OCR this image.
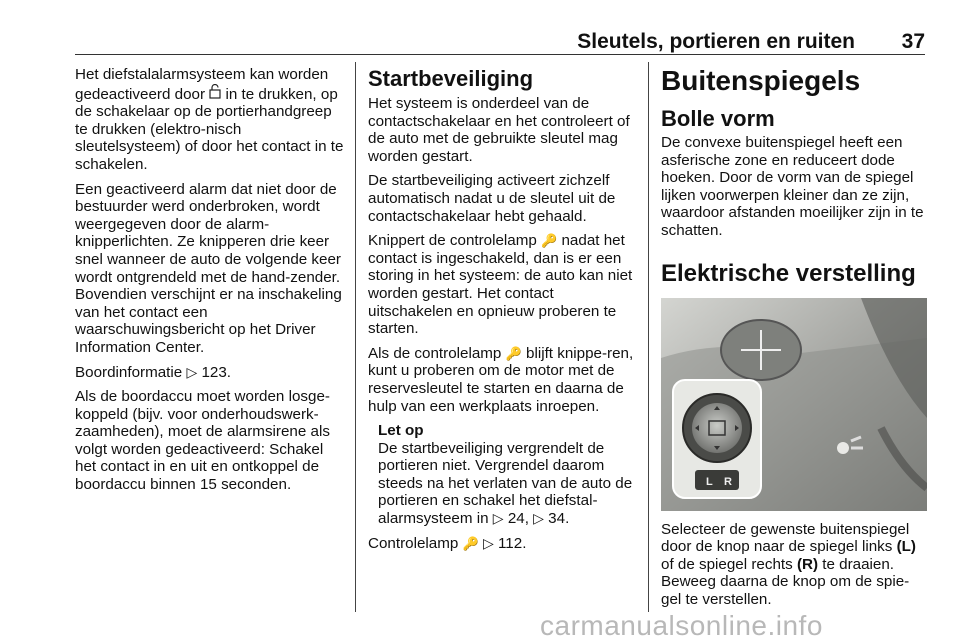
Sleutels, portieren en ruiten 37

Het diefstalalarmsysteem kan worden gedeactiveerd door  in te drukken, op de schakelaar op de portierhandgreep te drukken (elektro-nisch sleutelsysteem) of door het contact in te schakelen.

Een geactiveerd alarm dat niet door de bestuurder werd onderbroken, wordt weergegeven door de alarm-knipperlichten. Ze knipperen drie keer snel wanneer de auto de volgende keer wordt ontgrendeld met de hand-zender. Bovendien verschijnt er na inschakeling van het contact een waarschuwingsbericht op het Driver Information Center.

Boordinformatie ▷ 123.

Als de boordaccu moet worden losge-koppeld (bijv. voor onderhoudswerk-zaamheden), moet de alarmsirene als volgt worden gedeactiveerd: Schakel het contact in en uit en ontkoppel de boordaccu binnen 15 seconden.

Startbeveiliging

Het systeem is onderdeel van de contactschakelaar en het controleert of de auto met de gebruikte sleutel mag worden gestart.

De startbeveiliging activeert zichzelf automatisch nadat u de sleutel uit de contactschakelaar hebt gehaald.

Knippert de controlelamp 🔑 nadat het contact is ingeschakeld, dan is er een storing in het systeem: de auto kan niet worden gestart. Het contact uitschakelen en opnieuw proberen te starten.

Als de controlelamp 🔑 blijft knippe-ren, kunt u proberen om de motor met de reservesleutel te starten en daarna de hulp van een werkplaats inroepen.

Let op

De startbeveiliging vergrendelt de portieren niet. Vergrendel daarom steeds na het verlaten van de auto de portieren en schakel het diefstal-alarmsysteem in ▷ 24, ▷ 34.

Controlelamp 🔑 ▷ 112.

Buitenspiegels
Bolle vorm

De convexe buitenspiegel heeft een asferische zone en reduceert dode hoeken. Door de vorm van de spiegel lijken voorwerpen kleiner dan ze zijn, waardoor afstanden moeilijker zijn in te schatten.

Elektrische verstelling
L R

Selecteer de gewenste buitenspiegel door de knop naar de spiegel links (L) of de spiegel rechts (R) te draaien. Beweeg daarna de knop om de spie-gel te verstellen.

carmanualsonline.info
